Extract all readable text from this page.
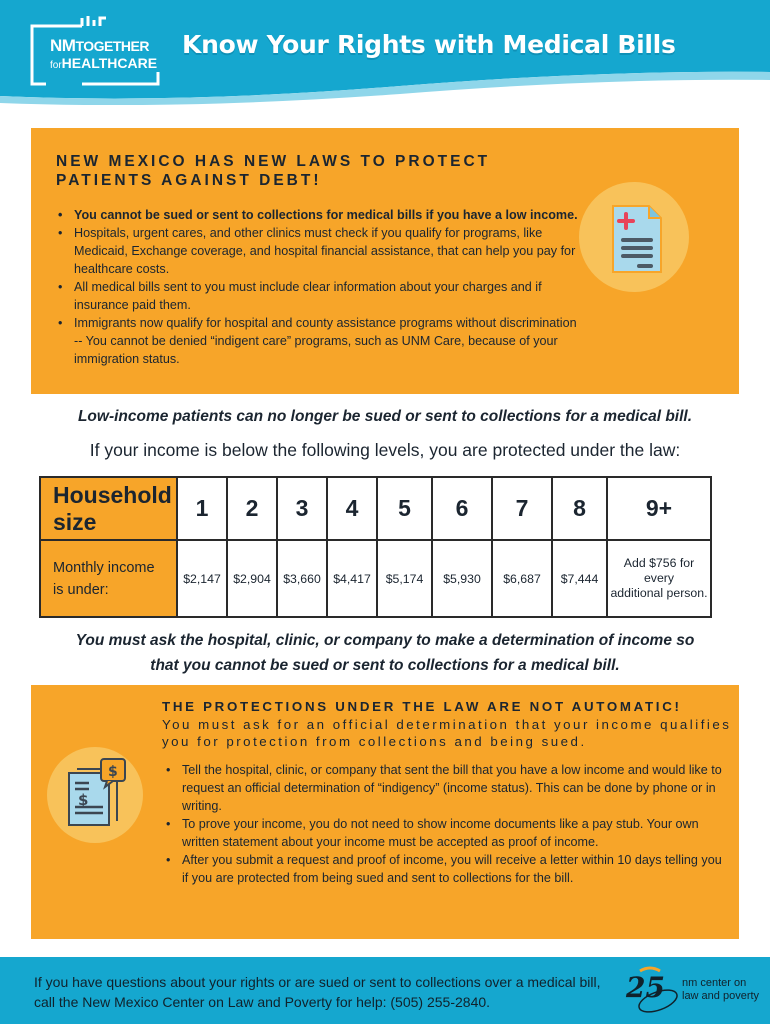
NMTOGETHER
forHEALTHCARE
Know Your Rights with Medical Bills
NEW MEXICO HAS NEW LAWS TO PROTECT PATIENTS AGAINST DEBT!
• You cannot be sued or sent to collections for medical bills if you have a low income.
• Hospitals, urgent cares, and other clinics must check if you qualify for programs, like Medicaid, Exchange coverage, and hospital financial assistance, that can help you pay for healthcare costs.
• All medical bills sent to you must include clear information about your charges and if insurance paid them.
• Immigrants now qualify for hospital and county assistance programs without discrimination -- You cannot be denied “indigent care” programs, such as UNM Care, because of your immigration status.
Low-income patients can no longer be sued or sent to collections for a medical bill.
If your income is below the following levels, you are protected under the law:
Household size	1	2	3	4	5	6	7	8	9+
Monthly income
is under:	$2,147	$2,904	$3,660	$4,417	$5,174	$5,930	$6,687	$7,444	Add $756 for every
additional person.
You must ask the hospital, clinic, or company to make a determination of income so
that you cannot be sued or sent to collections for a medical bill.
THE PROTECTIONS UNDER THE LAW ARE NOT AUTOMATIC!
You must ask for an official determination that your income qualifies you for protection from collections and being sued.
• Tell the hospital, clinic, or company that sent the bill that you have a low income and would like to request an official determination of “indigency” (income status). This can be done by phone or in writing.
• To prove your income, you do not need to show income documents like a pay stub. Your own written statement about your income must be accepted as proof of income.
• After you submit a request and proof of income, you will receive a letter within 10 days telling you if you are protected from being sued and sent to collections for the bill.
$
$
If you have questions about your rights or are sued or sent to collections over a medical bill, call the New Mexico Center on Law and Poverty for help: (505) 255-2840.	25 nm center on
law and poverty
